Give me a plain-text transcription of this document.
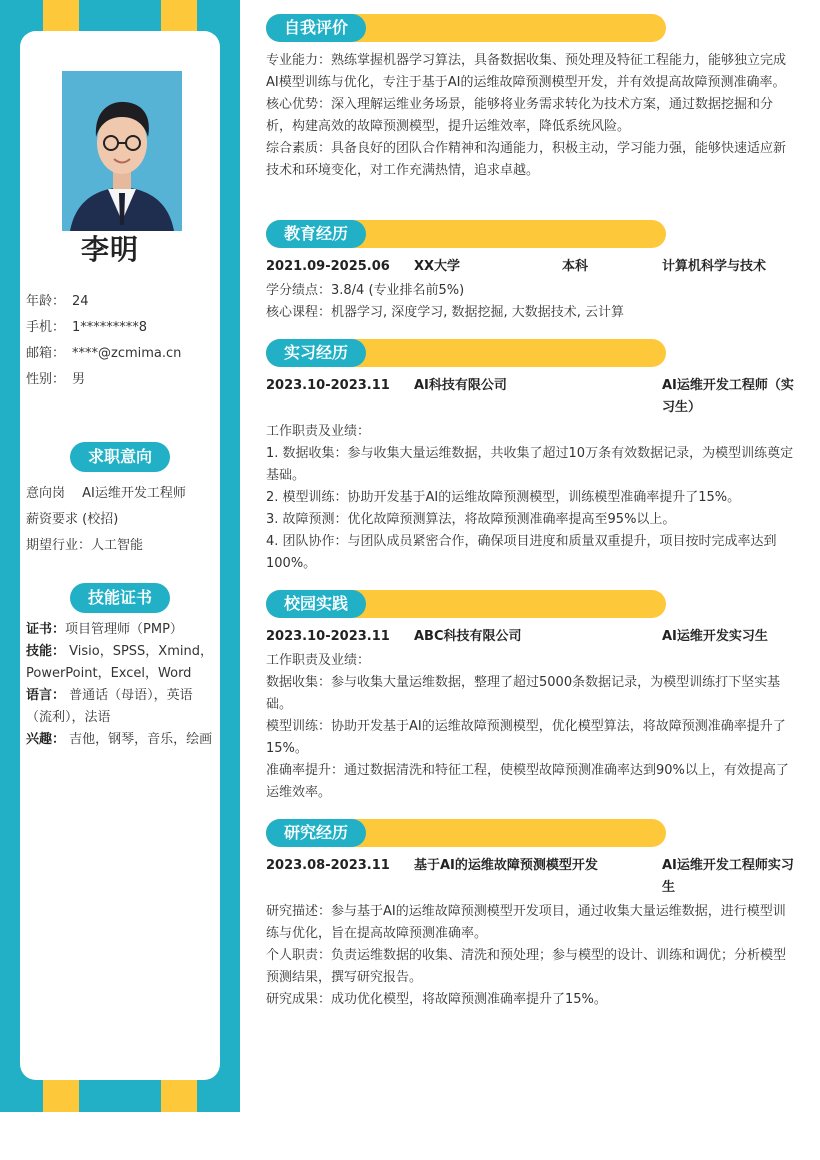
李明
年龄： 24
手机： 1*********8
邮箱： ****@zcmima.cn
性别： 男
求职意向
意向岗　 AI运维开发工程师
薪资要求 (校招)
期望行业：人工智能
技能证书
证书：项目管理师（PMP）
技能： Visio，SPSS，Xmind，PowerPoint，Excel，Word
语言： 普通话（母语），英语（流利），法语
兴趣： 吉他，钢琴，音乐，绘画
自我评价
专业能力：熟练掌握机器学习算法，具备数据收集、预处理及特征工程能力，能够独立完成AI模型训练与优化，专注于基于AI的运维故障预测模型开发，并有效提高故障预测准确率。
核心优势：深入理解运维业务场景，能够将业务需求转化为技术方案，通过数据挖掘和分析，构建高效的故障预测模型，提升运维效率，降低系统风险。
综合素质：具备良好的团队合作精神和沟通能力，积极主动，学习能力强，能够快速适应新技术和环境变化，对工作充满热情，追求卓越。
教育经历
2021.09-2025.06 XX大学	本科	计算机科学与技术
学分绩点：3.8/4 (专业排名前5%)
核心课程：机器学习, 深度学习, 数据挖掘, 大数据技术, 云计算
实习经历
2023.10-2023.11 AI科技有限公司	AI运维开发工程师（实习生）
工作职责及业绩：
1. 数据收集：参与收集大量运维数据，共收集了超过10万条有效数据记录，为模型训练奠定基础。
2. 模型训练：协助开发基于AI的运维故障预测模型，训练模型准确率提升了15%。
3. 故障预测：优化故障预测算法，将故障预测准确率提高至95%以上。
4. 团队协作：与团队成员紧密合作，确保项目进度和质量双重提升，项目按时完成率达到100%。
校园实践
2023.10-2023.11 ABC科技有限公司	AI运维开发实习生
工作职责及业绩：
数据收集：参与收集大量运维数据，整理了超过5000条数据记录，为模型训练打下坚实基础。
模型训练：协助开发基于AI的运维故障预测模型，优化模型算法，将故障预测准确率提升了15%。
准确率提升：通过数据清洗和特征工程，使模型故障预测准确率达到90%以上，有效提高了运维效率。
研究经历
2023.08-2023.11 基于AI的运维故障预测模型开发	AI运维开发工程师实习生
研究描述：参与基于AI的运维故障预测模型开发项目，通过收集大量运维数据，进行模型训练与优化，旨在提高故障预测准确率。
个人职责：负责运维数据的收集、清洗和预处理；参与模型的设计、训练和调优；分析模型预测结果，撰写研究报告。
研究成果：成功优化模型，将故障预测准确率提升了15%。
